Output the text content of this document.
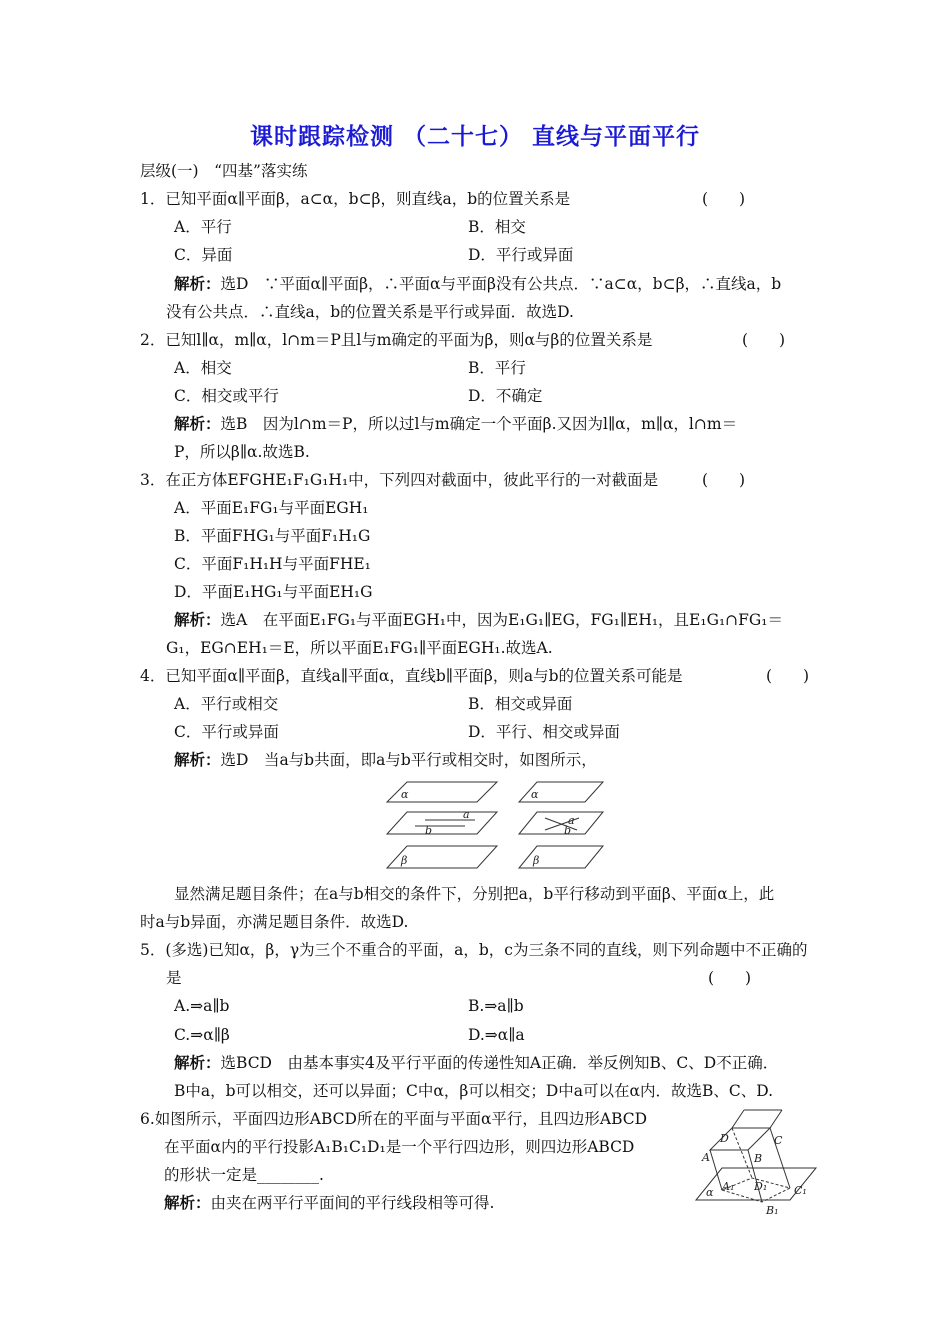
课时跟踪检测 （二十七） 直线与平面平行
层级(一)　“四基”落实练
1．已知平面α∥平面β，a⊂α，b⊂β，则直线a，b的位置关系是	(　　)
A．平行	B．相交
C．异面	D．平行或异面
解析：选D　∵平面α∥平面β，∴平面α与平面β没有公共点．∵a⊂α，b⊂β，∴直线a，b
没有公共点．∴直线a，b的位置关系是平行或异面．故选D.
2．已知l∥α，m∥α，l∩m＝P且l与m确定的平面为β，则α与β的位置关系是	(　　)
A．相交	B．平行
C．相交或平行	D．不确定
解析：选B　因为l∩m＝P，所以过l与m确定一个平面β.又因为l∥α，m∥α，l∩m＝
P，所以β∥α.故选B.
3．在正方体EFGHE₁F₁G₁H₁中，下列四对截面中，彼此平行的一对截面是	(　　)
A．平面E₁FG₁与平面EGH₁
B．平面FHG₁与平面F₁H₁G
C．平面F₁H₁H与平面FHE₁
D．平面E₁HG₁与平面EH₁G
解析：选A　在平面E₁FG₁与平面EGH₁中，因为E₁G₁∥EG，FG₁∥EH₁，且E₁G₁∩FG₁＝
G₁，EG∩EH₁＝E，所以平面E₁FG₁∥平面EGH₁.故选A.
4．已知平面α∥平面β，直线a∥平面α，直线b∥平面β，则a与b的位置关系可能是	(　　)
A．平行或相交	B．相交或异面
C．平行或异面	D．平行、相交或异面
解析：选D　当a与b共面，即a与b平行或相交时，如图所示，
α
a
b
β
α
a
b
β
显然满足题目条件；在a与b相交的条件下，分别把a，b平行移动到平面β、平面α上，此
时a与b异面，亦满足题目条件．故选D.
5．(多选)已知α，β，γ为三个不重合的平面，a，b，c为三条不同的直线，则下列命题中不正确的
是	(　　)
A.⇒a∥b	B.⇒a∥b
C.⇒α∥β	D.⇒α∥a
解析：选BCD　由基本事实4及平行平面的传递性知A正确．举反例知B、C、D不正确．
B中a，b可以相交，还可以异面；C中α，β可以相交；D中a可以在α内．故选B、C、D.
6.如图所示，平面四边形ABCD所在的平面与平面α平行，且四边形ABCD
在平面α内的平行投影A₁B₁C₁D₁是一个平行四边形，则四边形ABCD
的形状一定是________.
解析：由夹在两平行平面间的平行线段相等可得.
D	C
A	B
α A₁ D₁ C₁
B₁
